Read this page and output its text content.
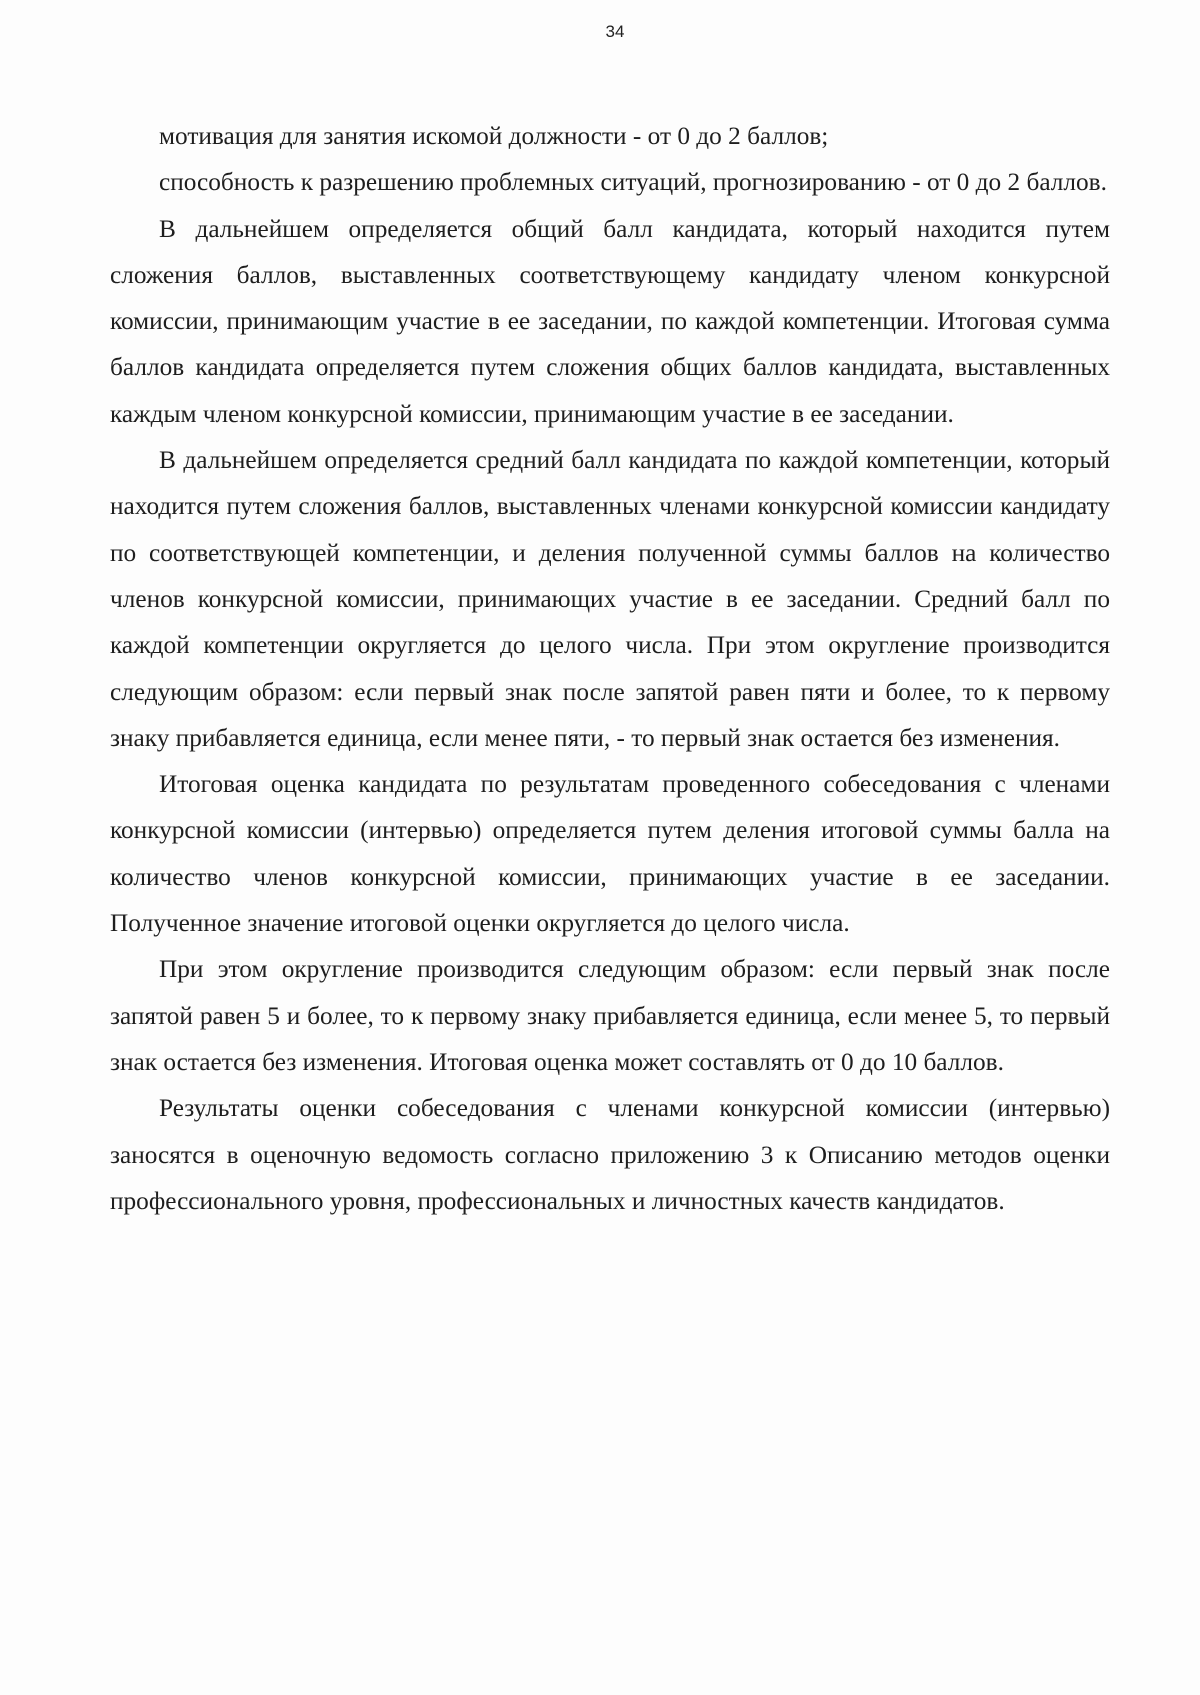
34

мотивация для занятия искомой должности - от 0 до 2 баллов;

способность к разрешению проблемных ситуаций, прогнозированию - от 0 до 2 баллов.

В дальнейшем определяется общий балл кандидата, который находится путем сложения баллов, выставленных соответствующему кандидату членом конкурсной комиссии, принимающим участие в ее заседании, по каждой компетенции. Итоговая сумма баллов кандидата определяется путем сложения общих баллов кандидата, выставленных каждым членом конкурсной комиссии, принимающим участие в ее заседании.

В дальнейшем определяется средний балл кандидата по каждой компетенции, который находится путем сложения баллов, выставленных членами конкурсной комиссии кандидату по соответствующей компетенции, и деления полученной суммы баллов на количество членов конкурсной комиссии, принимающих участие в ее заседании. Средний балл по каждой компетенции округляется до целого числа. При этом округление производится следующим образом: если первый знак после запятой равен пяти и более, то к первому знаку прибавляется единица, если менее пяти, - то первый знак остается без изменения.

Итоговая оценка кандидата по результатам проведенного собеседования с членами конкурсной комиссии (интервью) определяется путем деления итоговой суммы балла на количество членов конкурсной комиссии, принимающих участие в ее заседании. Полученное значение итоговой оценки округляется до целого числа.

При этом округление производится следующим образом: если первый знак после запятой равен 5 и более, то к первому знаку прибавляется единица, если менее 5, то первый знак остается без изменения. Итоговая оценка может составлять от 0 до 10 баллов.

Результаты оценки собеседования с членами конкурсной комиссии (интервью) заносятся в оценочную ведомость согласно приложению 3 к Описанию методов оценки профессионального уровня, профессиональных и личностных качеств кандидатов.
